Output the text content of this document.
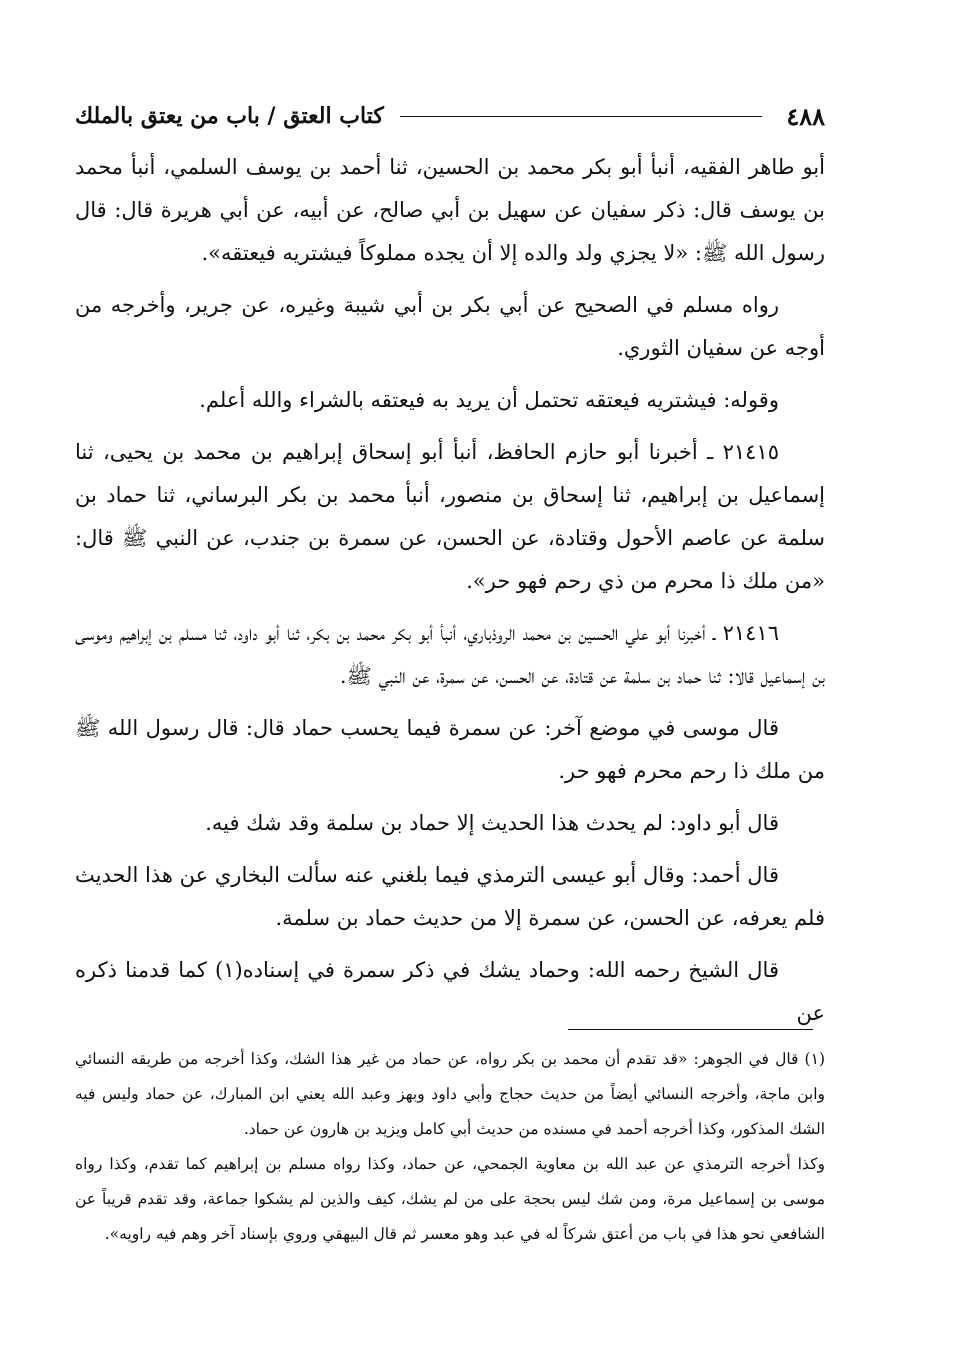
٤٨٨
كتاب العتق / باب من يعتق بالملك

أبو طاهر الفقيه، أنبأ أبو بكر محمد بن الحسين، ثنا أحمد بن يوسف السلمي، أنبأ محمد بن يوسف قال: ذكر سفيان عن سهيل بن أبي صالح، عن أبيه، عن أبي هريرة قال: قال رسول الله ﷺ: «لا يجزي ولد والده إلا أن يجده مملوكاً فيشتريه فيعتقه».

رواه مسلم في الصحيح عن أبي بكر بن أبي شيبة وغيره، عن جرير، وأخرجه من أوجه عن سفيان الثوري.

وقوله: فيشتريه فيعتقه تحتمل أن يريد به فيعتقه بالشراء والله أعلم.

٢١٤١٥ ـ أخبرنا أبو حازم الحافظ، أنبأ أبو إسحاق إبراهيم بن محمد بن يحيى، ثنا إسماعيل بن إبراهيم، ثنا إسحاق بن منصور، أنبأ محمد بن بكر البرساني، ثنا حماد بن سلمة عن عاصم الأحول وقتادة، عن الحسن، عن سمرة بن جندب، عن النبي ﷺ قال: «من ملك ذا محرم من ذي رحم فهو حر».

٢١٤١٦ ـ أخبرنا أبو علي الحسين بن محمد الروذباري، أنبأ أبو بكر محمد بن بكر، ثنا أبو داود، ثنا مسلم بن إبراهيم وموسى بن إسماعيل قالا: ثنا حماد بن سلمة عن قتادة، عن الحسن، عن سمرة، عن النبي ﷺ.

قال موسى في موضع آخر: عن سمرة فيما يحسب حماد قال: قال رسول الله ﷺ من ملك ذا رحم محرم فهو حر.

قال أبو داود: لم يحدث هذا الحديث إلا حماد بن سلمة وقد شك فيه.

قال أحمد: وقال أبو عيسى الترمذي فيما بلغني عنه سألت البخاري عن هذا الحديث فلم يعرفه، عن الحسن، عن سمرة إلا من حديث حماد بن سلمة.

قال الشيخ رحمه الله: وحماد يشك في ذكر سمرة في إسناده(١) كما قدمنا ذكره عن

(١) قال في الجوهر: «قد تقدم أن محمد بن بكر رواه، عن حماد من غير هذا الشك، وكذا أخرجه من طريقه النسائي وابن ماجة، وأخرجه النسائي أيضاً من حديث حجاج وأبي داود وبهز وعبد الله يعني ابن المبارك، عن حماد وليس فيه الشك المذكور، وكذا أخرجه أحمد في مسنده من حديث أبي كامل ويزيد بن هارون عن حماد.

وكذا أخرجه الترمذي عن عبد الله بن معاوية الجمحي، عن حماد، وكذا رواه مسلم بن إبراهيم كما تقدم، وكذا رواه موسى بن إسماعيل مرة، ومن شك ليس بحجة على من لم يشك، كيف والذين لم يشكوا جماعة، وقد تقدم قريباً عن الشافعي نحو هذا في باب من أعتق شركاً له في عبد وهو معسر ثم قال البيهقي وروي بإسناد آخر وهم فيه راويه».
